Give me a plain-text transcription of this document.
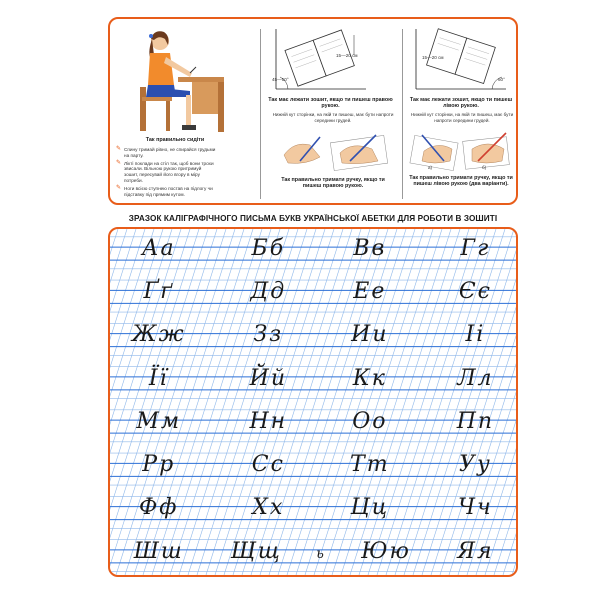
Так правильно сидіти
✎ Спину тримай рівно, не спирайся грудьми на парту.
✎ Лікті поклади на стіл так, щоб вони трохи звисали. Вільною рукою притримуй зошит, пересувай його вгору в міру потреби.
✎ Ноги всією ступнею постав на підлогу чи підставку під прямим кутом.
15—20 см
45—50°
Так має лежати зошит, якщо ти пишеш правою рукою.
Нижній кут сторінки, на якій ти пишеш, має бути напроти середини грудей.
Так правильно тримати ручку, якщо ти пишеш правою рукою.
15—20 см
60°
Так має лежати зошит, якщо ти пишеш лівою рукою.
Нижній кут сторінки, на якій ти пишеш, має бути напроти середини грудей.
а)	б)
Так правильно тримати ручку, якщо ти пишеш лівою рукою (два варіанти).
ЗРАЗОК КАЛІГРАФІЧНОГО ПИСЬМА БУКВ УКРАЇНСЬКОЇ АБЕТКИ ДЛЯ РОБОТИ В ЗОШИТІ
Аа	Бб	Вв	Гг
Ґґ	Дд	Ее	Єє
Жж	Зз	Ии	Іі
Її	Йй	Кк	Лл
Мм	Нн	Оо	Пп
Рр	Сс	Тт	Уу
Фф	Хх	Цц	Чч
Шш Щщ ь Юю Яя
